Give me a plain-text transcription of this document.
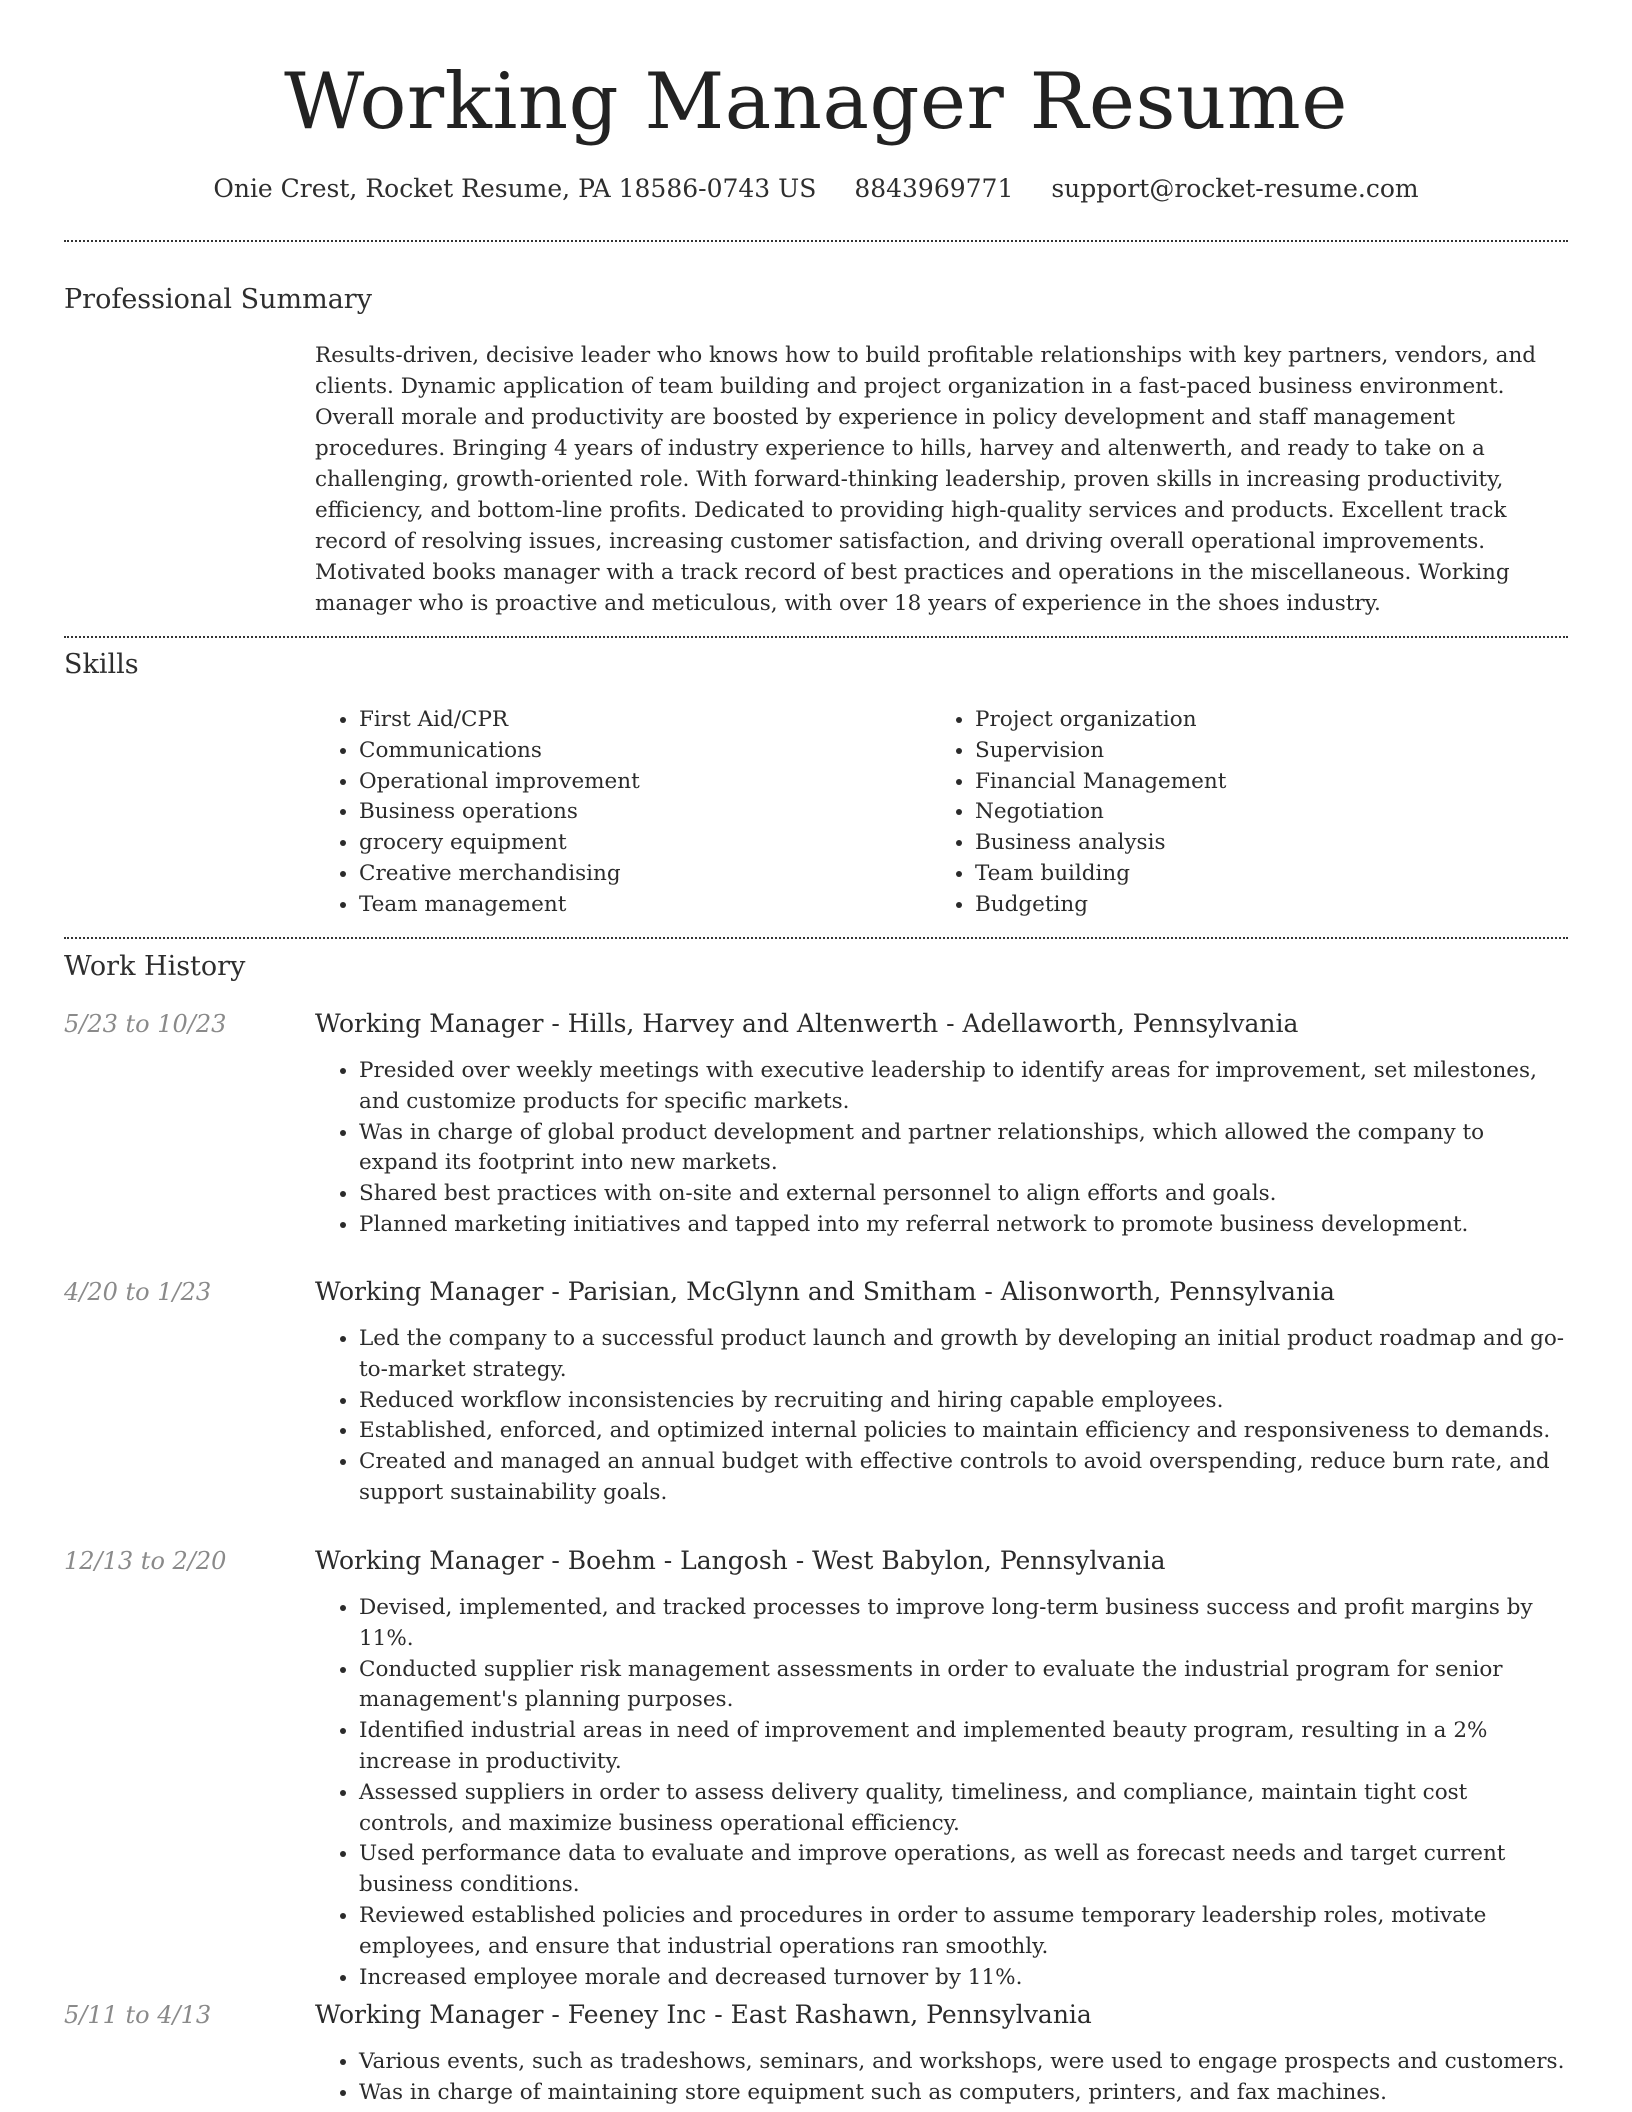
Working Manager Resume
Onie Crest, Rocket Resume, PA 18586-0743 US 8843969771 support@rocket-resume.com
Professional Summary
Results-driven, decisive leader who knows how to build profitable relationships with key partners, vendors, and clients. Dynamic application of team building and project organization in a fast-paced business environment. Overall morale and productivity are boosted by experience in policy development and staff management procedures. Bringing 4 years of industry experience to hills, harvey and altenwerth, and ready to take on a challenging, growth-oriented role. With forward-thinking leadership, proven skills in increasing productivity, efficiency, and bottom-line profits. Dedicated to providing high-quality services and products. Excellent track record of resolving issues, increasing customer satisfaction, and driving overall operational improvements. Motivated books manager with a track record of best practices and operations in the miscellaneous. Working manager who is proactive and meticulous, with over 18 years of experience in the shoes industry.
Skills
• First Aid/CPR
• Communications
• Operational improvement
• Business operations
• grocery equipment
• Creative merchandising
• Team management
• Project organization
• Supervision
• Financial Management
• Negotiation
• Business analysis
• Team building
• Budgeting
Work History
5/23 to 10/23	Working Manager - Hills, Harvey and Altenwerth - Adellaworth, Pennsylvania
• Presided over weekly meetings with executive leadership to identify areas for improvement, set milestones, and customize products for specific markets.
• Was in charge of global product development and partner relationships, which allowed the company to expand its footprint into new markets.
• Shared best practices with on-site and external personnel to align efforts and goals.
• Planned marketing initiatives and tapped into my referral network to promote business development.
4/20 to 1/23	Working Manager - Parisian, McGlynn and Smitham - Alisonworth, Pennsylvania
• Led the company to a successful product launch and growth by developing an initial product roadmap and go-to-market strategy.
• Reduced workflow inconsistencies by recruiting and hiring capable employees.
• Established, enforced, and optimized internal policies to maintain efficiency and responsiveness to demands.
• Created and managed an annual budget with effective controls to avoid overspending, reduce burn rate, and support sustainability goals.
12/13 to 2/20	Working Manager - Boehm - Langosh - West Babylon, Pennsylvania
• Devised, implemented, and tracked processes to improve long-term business success and profit margins by 11%.
• Conducted supplier risk management assessments in order to evaluate the industrial program for senior management's planning purposes.
• Identified industrial areas in need of improvement and implemented beauty program, resulting in a 2% increase in productivity.
• Assessed suppliers in order to assess delivery quality, timeliness, and compliance, maintain tight cost controls, and maximize business operational efficiency.
• Used performance data to evaluate and improve operations, as well as forecast needs and target current business conditions.
• Reviewed established policies and procedures in order to assume temporary leadership roles, motivate employees, and ensure that industrial operations ran smoothly.
• Increased employee morale and decreased turnover by 11%.
5/11 to 4/13	Working Manager - Feeney Inc - East Rashawn, Pennsylvania
• Various events, such as tradeshows, seminars, and workshops, were used to engage prospects and customers.
• Was in charge of maintaining store equipment such as computers, printers, and fax machines.
